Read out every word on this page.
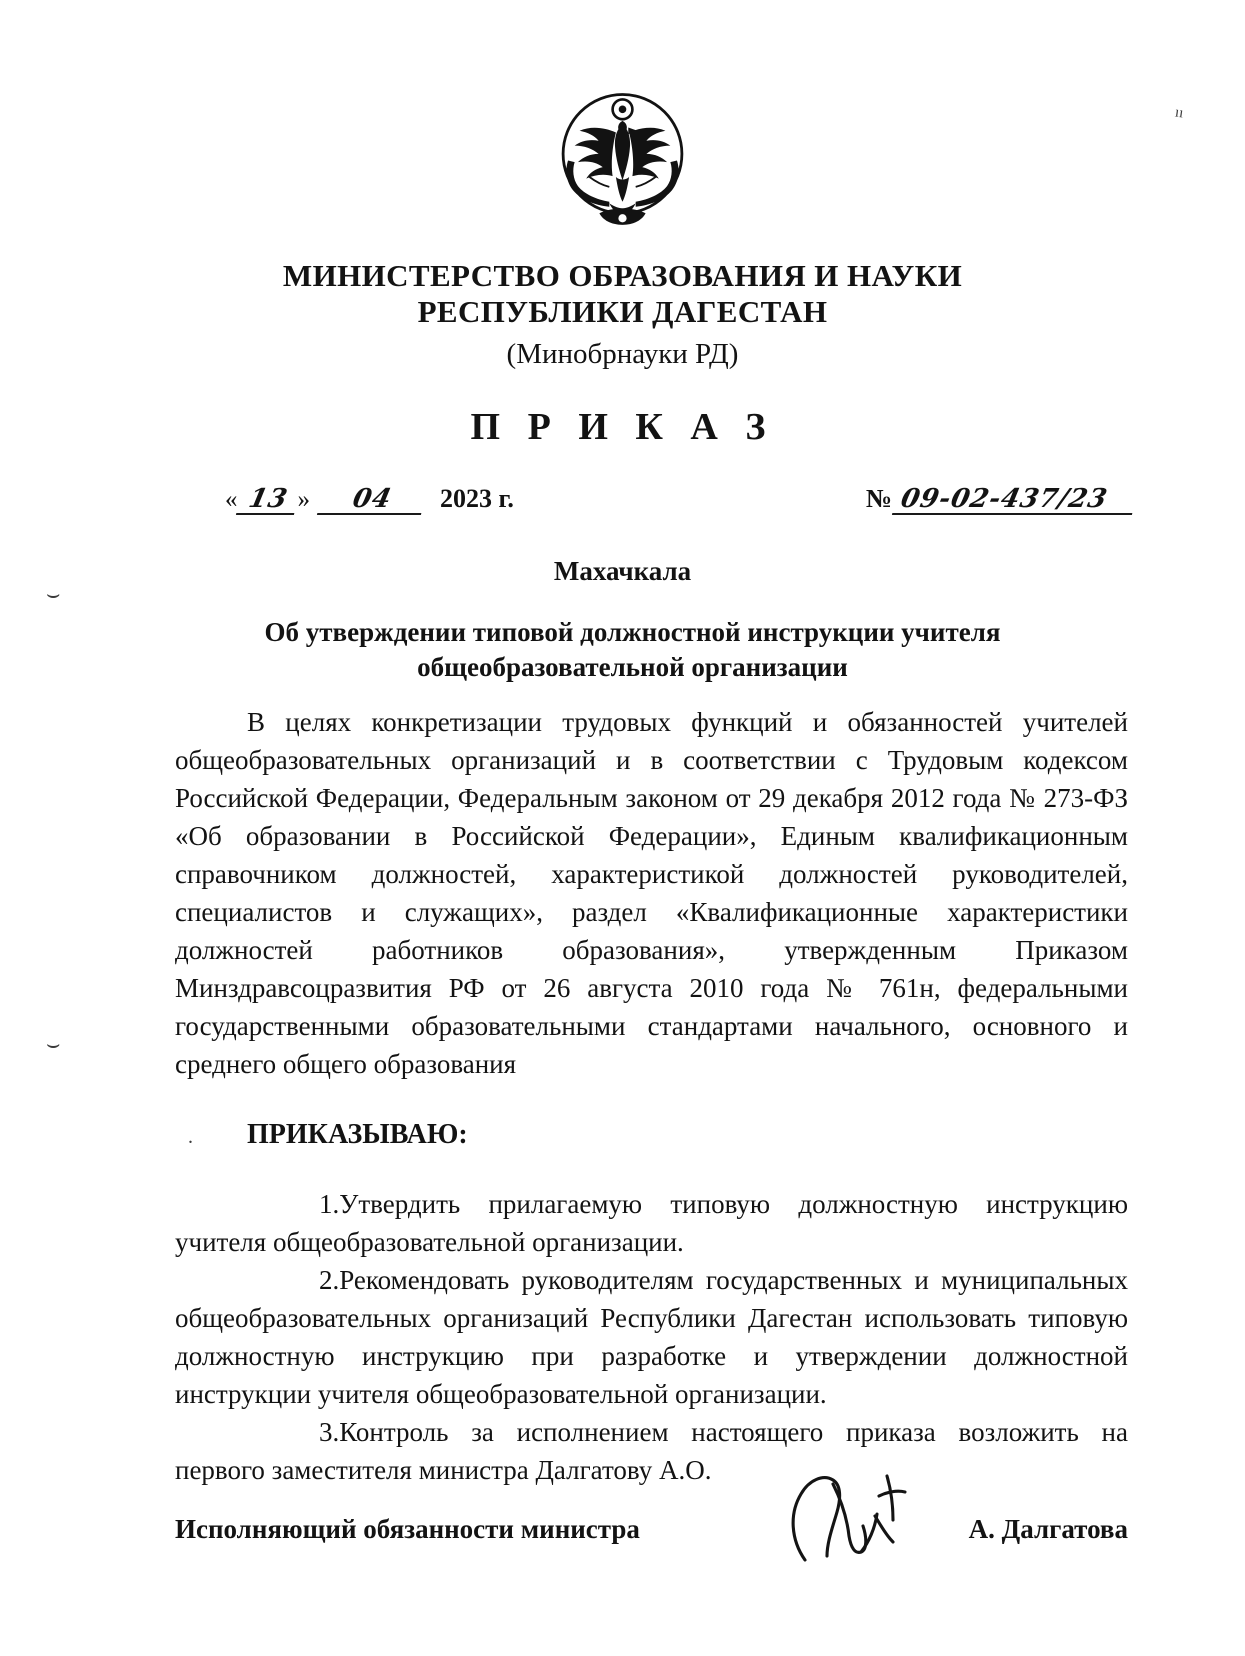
ıı
МИНИСТЕРСТВО ОБРАЗОВАНИЯ И НАУКИ
РЕСПУБЛИКИ ДАГЕСТАН
(Минобрнауки РД)
П Р И К А З
« 13 »	04	2023 г.	№ 09-02-437/23
Махачкала
Об утверждении типовой должностной инструкции учителя
общеобразовательной организации
⌣
⌣
.

В целях конкретизации трудовых функций и обязанностей учителей общеобразовательных организаций и в соответствии с Трудовым кодексом Российской Федерации, Федеральным законом от 29 декабря 2012 года № 273-ФЗ «Об образовании в Российской Федерации», Единым квалификационным справочником должностей, характеристикой должностей руководителей, специалистов и служащих», раздел «Квалификационные характеристики должностей работников образования», утвержденным Приказом Минздравсоцразвития РФ от 26 августа 2010 года № 761н, федеральными государственными образовательными стандартами начального, основного и среднего общего образования

ПРИКАЗЫВАЮ:
1.Утвердить прилагаемую типовую должностную инструкцию учителя общеобразовательной организации.
2.Рекомендовать руководителям государственных и муниципальных общеобразовательных организаций Республики Дагестан использовать типовую должностную инструкцию при разработке и утверждении должностной инструкции учителя общеобразовательной организации.
3.Контроль за исполнением настоящего приказа возложить на первого заместителя министра Далгатову А.О.
Исполняющий обязанности министра	А. Далгатова
